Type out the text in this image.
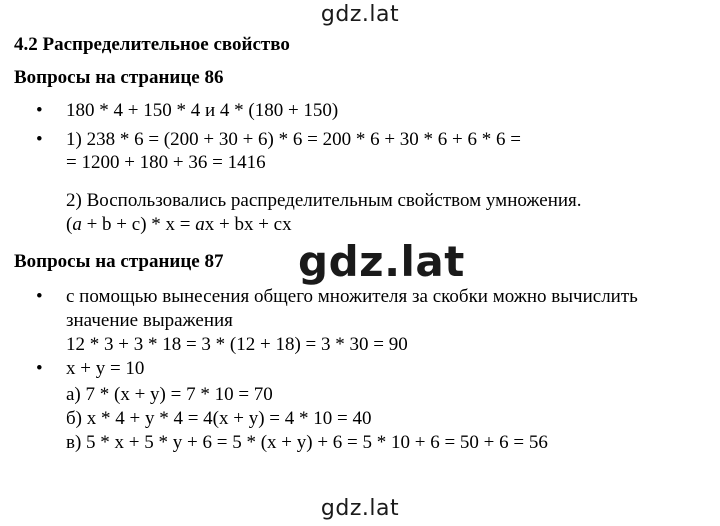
gdz.lat
4.2 Распределительное свойство
Вопросы на странице 86
• 180 * 4 + 150 * 4 и 4 * (180 + 150)
• 1) 238 * 6 = (200 + 30 + 6) * 6 = 200 * 6 + 30 * 6 + 6 * 6 =
= 1200 + 180 + 36 = 1416
2) Воспользовались распределительным свойством умножения.
(a + b + c) * x = ax + bx + cx
gdz.lat
Вопросы на странице 87
• с помощью вынесения общего множителя за скобки можно вычислить
значение выражения
12 * 3 + 3 * 18 = 3 * (12 + 18) = 3 * 30 = 90
• x + y = 10
а) 7 * (x + y) = 7 * 10 = 70
б) x * 4 + y * 4 = 4(x + y) = 4 * 10 = 40
в) 5 * x + 5 * y + 6 = 5 * (x + y) + 6 = 5 * 10 + 6 = 50 + 6 = 56
gdz.lat
